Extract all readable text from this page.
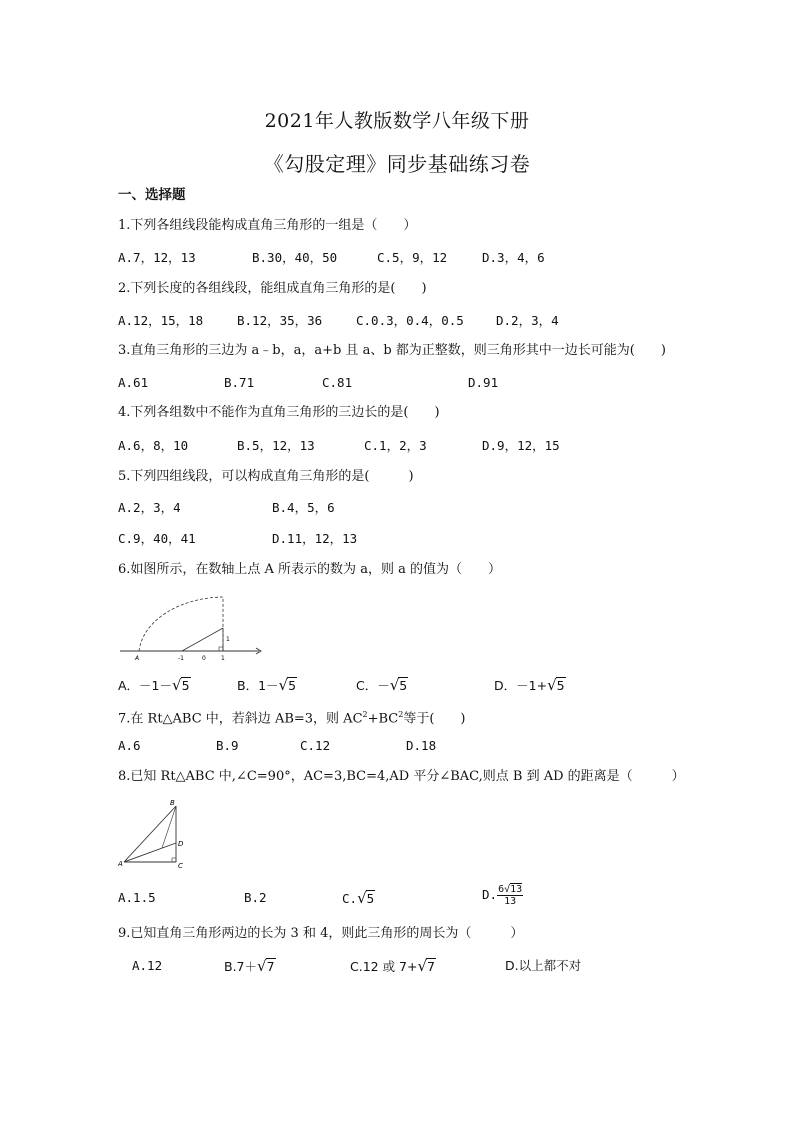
2021年人教版数学八年级下册
《勾股定理》同步基础练习卷
一、选择题
1.下列各组线段能构成直角三角形的一组是（　　）
A.7，12，13	B.30，40，50	C.5，9，12	D.3，4，6
2.下列长度的各组线段，能组成直角三角形的是(　　)
A.12，15，18	B.12，35，36	C.0.3，0.4，0.5	D.2，3，4
3.直角三角形的三边为 a﹣b，a，a+b 且 a、b 都为正整数，则三角形其中一边长可能为(　　)
A.61	B.71	C.81	D.91
4.下列各组数中不能作为直角三角形的三边长的是(　　)
A.6，8，10	B.5，12，13	C.1，2，3	D.9，12，15
5.下列四组线段，可以构成直角三角形的是(　　　)
A.2，3，4	B.4，5，6
C.9，40，41	D.11，12，13
6.如图所示，在数轴上点 A 所表示的数为 a，则 a 的值为（　　）
A	-1	0	1
1
A．－1－√5	B．1－√5	C．－√5	D．－1+√5
7.在 Rt△ABC 中，若斜边 AB=3，则 $AC^2+BC^2$等于(　　)
A.6	B.9	C.12	D.18
8.已知 Rt△ABC 中,∠C=90°，AC=3,BC=4,AD 平分∠BAC,则点 B 到 AD 的距离是（　　　）
B
D
A	C
A.1.5	B.2	C.√5	D. $\frac{6√13}{13}$
9.已知直角三角形两边的长为 3 和 4，则此三角形的周长为（　　　）
A.12	B.7＋√7	C.12 或 7+√7	D.以上都不对
